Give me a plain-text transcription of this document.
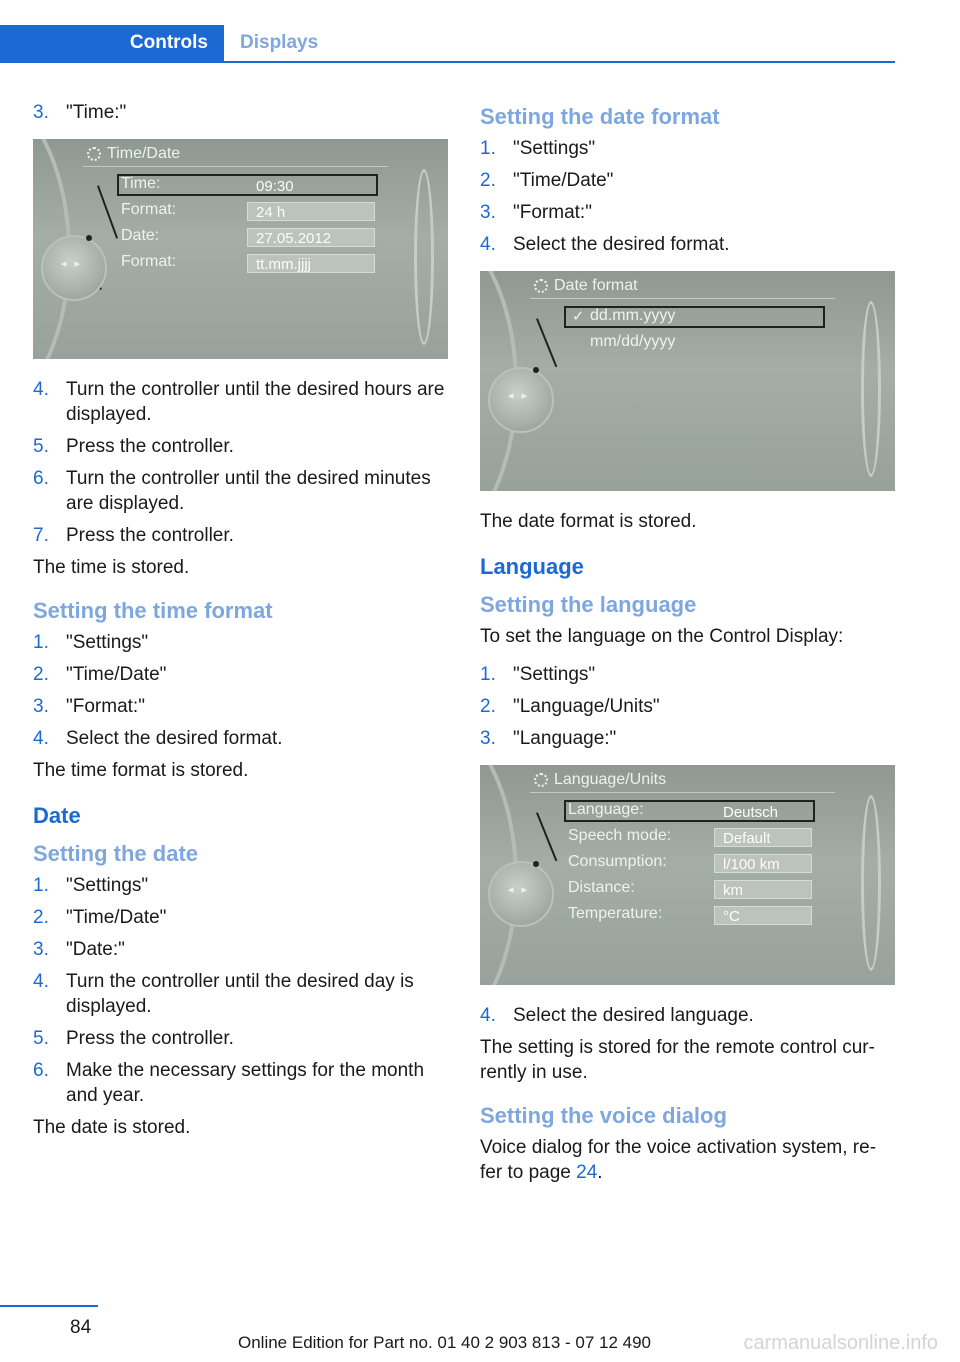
Controls	Displays
3. "Time:"
Time/Date
Time:	09:30
Format:	24 h
Date:	27.05.2012
Format:	tt.mm.jjjj
◂▸
4. Turn the controller until the desired hours are displayed.
5. Press the controller.
6. Turn the controller until the desired minutes are displayed.
7. Press the controller.

The time is stored.

Setting the time format
1. "Settings"
2. "Time/Date"
3. "Format:"
4. Select the desired format.

The time format is stored.

Date
Setting the date
1. "Settings"
2. "Time/Date"
3. "Date:"
4. Turn the controller until the desired day is displayed.
5. Press the controller.
6. Make the necessary settings for the month and year.

The date is stored.

Setting the date format
1. "Settings"
2. "Time/Date"
3. "Format:"
4. Select the desired format.
Date format
✓ dd.mm.yyyy
mm/dd/yyyy
◂▸

The date format is stored.

Language
Setting the language

To set the language on the Control Display:

1. "Settings"
2. "Language/Units"
3. "Language:"
Language/Units
Language:	Deutsch
Speech mode:	Default
Consumption:	l/100 km
Distance:	km
Temperature:	°C
◂▸
4. Select the desired language.

The setting is stored for the remote control cur‐rently in use.

Setting the voice dialog

Voice dialog for the voice activation system, re‐fer to page 24.

84
Online Edition for Part no. 01 40 2 903 813 - 07 12 490	carmanualsonline.info
